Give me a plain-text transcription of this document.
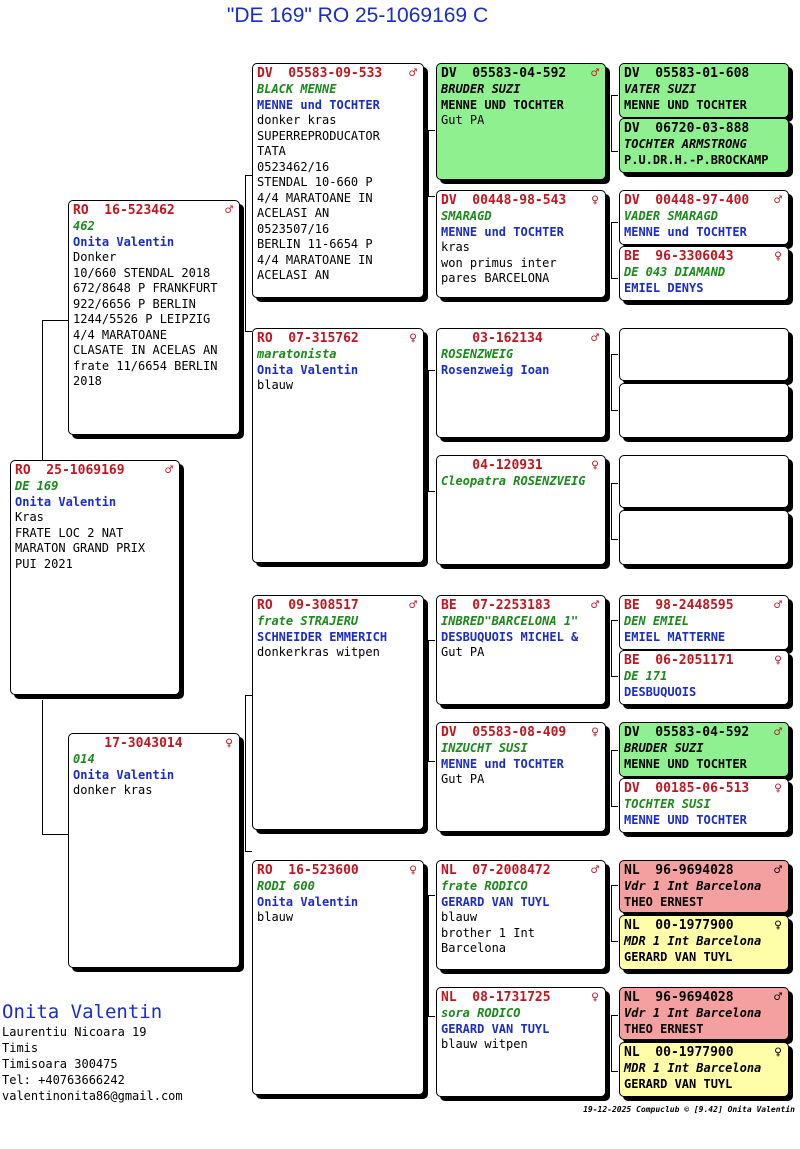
"DE 169" RO 25-1069169 C
RO  25-1069169	♂
DE 169
Onita Valentin
Kras
FRATE LOC 2 NAT
MARATON GRAND PRIX
PUI 2021
RO  16-523462	♂
462
Onita Valentin
Donker
10/660 STENDAL 2018
672/8648 P FRANKFURT
922/6656 P BERLIN
1244/5526 P LEIPZIG
4/4 MARATOANE
CLASATE IN ACELAS AN
frate 11/6654 BERLIN
2018
17-3043014	♀
014
Onita Valentin
donker kras
DV  05583-09-533 ♂
BLACK MENNE
MENNE und TOCHTER
donker kras
SUPERREPRODUCATOR
TATA
0523462/16
STENDAL 10-660 P
4/4 MARATOANE IN
ACELASI AN
0523507/16
BERLIN 11-6654 P
4/4 MARATOANE IN
ACELASI AN
RO  07-315762	♀
maratonista
Onita Valentin
blauw
RO  09-308517	♂
frate STRAJERU
SCHNEIDER EMMERICH
donkerkras witpen
RO  16-523600	♀
RODI 600
Onita Valentin
blauw
DV  05583-04-592 ♂
BRUDER SUZI
MENNE UND TOCHTER
Gut PA
DV  00448-98-543 ♀
SMARAGD
MENNE und TOCHTER
kras
won primus inter
pares BARCELONA
03-162134	♂
ROSENZWEIG
Rosenzweig Ioan
04-120931	♀
Cleopatra ROSENZVEIG
BE  07-2253183	♂
INBRED"BARCELONA 1"
DESBUQUOIS MICHEL &
Gut PA
DV  05583-08-409 ♀
INZUCHT SUSI
MENNE und TOCHTER
Gut PA
NL  07-2008472	♂
frate RODICO
GERARD VAN TUYL
blauw
brother 1 Int
Barcelona
NL  08-1731725	♀
sora RODICO
GERARD VAN TUYL
blauw witpen
DV  05583-01-608
VATER SUZI
MENNE UND TOCHTER
DV  06720-03-888
TOCHTER ARMSTRONG
P.U.DR.H.-P.BROCKAMP
DV  00448-97-400 ♂
VADER SMARAGD
MENNE und TOCHTER
BE  96-3306043	♀
DE 043 DIAMAND
EMIEL DENYS
BE  98-2448595	♂
DEN EMIEL
EMIEL MATTERNE
BE  06-2051171	♀
DE 171
DESBUQUOIS
DV  05583-04-592 ♂
BRUDER SUZI
MENNE UND TOCHTER
DV  00185-06-513 ♀
TOCHTER SUSI
MENNE UND TOCHTER
NL  96-9694028	♂
Vdr 1 Int Barcelona
THEO ERNEST
NL  00-1977900	♀
MDR 1 Int Barcelona
GERARD VAN TUYL
NL  96-9694028	♂
Vdr 1 Int Barcelona
THEO ERNEST
NL  00-1977900	♀
MDR 1 Int Barcelona
GERARD VAN TUYL
Onita Valentin
Laurentiu Nicoara 19
Timis
Timisoara 300475
Tel: +40763666242
valentinonita86@gmail.com
19-12-2025 Compuclub © [9.42] Onita Valentin
